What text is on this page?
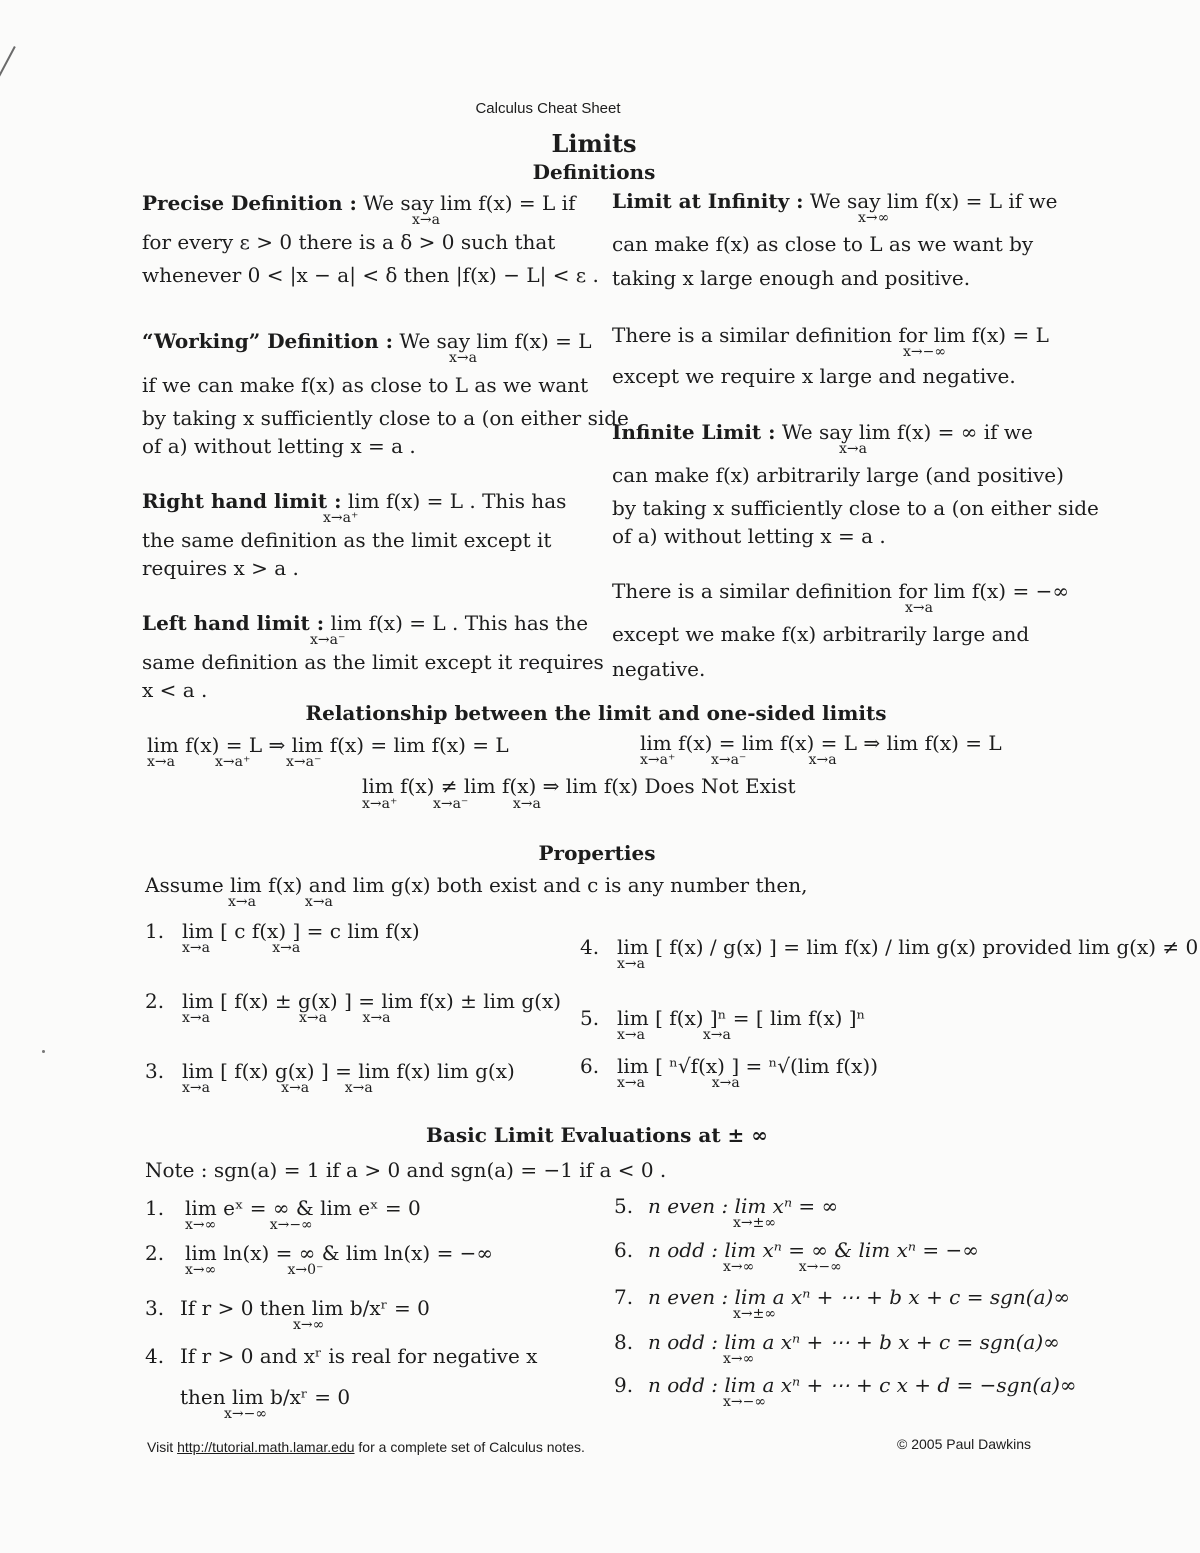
Calculus Cheat Sheet
Limits
Definitions
Precise Definition : We say lim f(x) = L if
x→a
for every ε > 0 there is a δ > 0 such that
whenever 0 < |x − a| < δ then |f(x) − L| < ε .
“Working” Definition : We say lim f(x) = L
x→a
if we can make f(x) as close to L as we want
by taking x sufficiently close to a (on either side
of a) without letting x = a .
Right hand limit : lim f(x) = L . This has
x→a⁺
the same definition as the limit except it
requires x > a .
Left hand limit : lim f(x) = L . This has the
x→a⁻
same definition as the limit except it requires
x < a .
Limit at Infinity : We say lim f(x) = L if we
x→∞
can make f(x) as close to L as we want by
taking x large enough and positive.
There is a similar definition for lim f(x) = L
x→−∞
except we require x large and negative.
Infinite Limit : We say lim f(x) = ∞ if we
x→a
can make f(x) arbitrarily large (and positive)
by taking x sufficiently close to a (on either side
of a) without letting x = a .
There is a similar definition for lim f(x) = −∞
x→a
except we make f(x) arbitrarily large and
negative.
Relationship between the limit and one-sided limits
lim f(x) = L ⇒ lim f(x) = lim f(x) = L
x→a         x→a⁺        x→a⁻
lim f(x) = lim f(x) = L ⇒ lim f(x) = L
x→a⁺        x→a⁻              x→a
lim f(x) ≠ lim f(x) ⇒ lim f(x) Does Not Exist
x→a⁺        x→a⁻          x→a
Properties
Assume lim f(x) and lim g(x) both exist and c is any number then,
x→a           x→a
1. lim [ c f(x) ] = c lim f(x)
x→a              x→a
2. lim [ f(x) ± g(x) ] = lim f(x) ± lim g(x)
x→a                    x→a        x→a
3. lim [ f(x) g(x) ] = lim f(x) lim g(x)
x→a                x→a        x→a
4. lim [ f(x) / g(x) ] = lim f(x) / lim g(x) provided lim g(x) ≠ 0
x→a
5. lim [ f(x) ]ⁿ = [ lim f(x) ]ⁿ
x→a             x→a
6. lim [ ⁿ√f(x) ] = ⁿ√(lim f(x))
x→a               x→a
Basic Limit Evaluations at ± ∞
Note : sgn(a) = 1 if a > 0 and sgn(a) = −1 if a < 0 .
1. lim eˣ = ∞ & lim eˣ = 0
x→∞            x→−∞
2. lim ln(x) = ∞ & lim ln(x) = −∞
x→∞                x→0⁻
3. If r > 0 then lim b/xʳ = 0
x→∞
4. If r > 0 and xʳ is real for negative x
then lim b/xʳ = 0
x→−∞
5. n even : lim xⁿ = ∞
x→±∞
6. n odd : lim xⁿ = ∞ & lim xⁿ = −∞
x→∞          x→−∞
7. n even : lim a xⁿ + ⋯ + b x + c = sgn(a)∞
x→±∞
8. n odd : lim a xⁿ + ⋯ + b x + c = sgn(a)∞
x→∞
9. n odd : lim a xⁿ + ⋯ + c x + d = −sgn(a)∞
x→−∞
Visit http://tutorial.math.lamar.edu for a complete set of Calculus notes.	© 2005 Paul Dawkins
